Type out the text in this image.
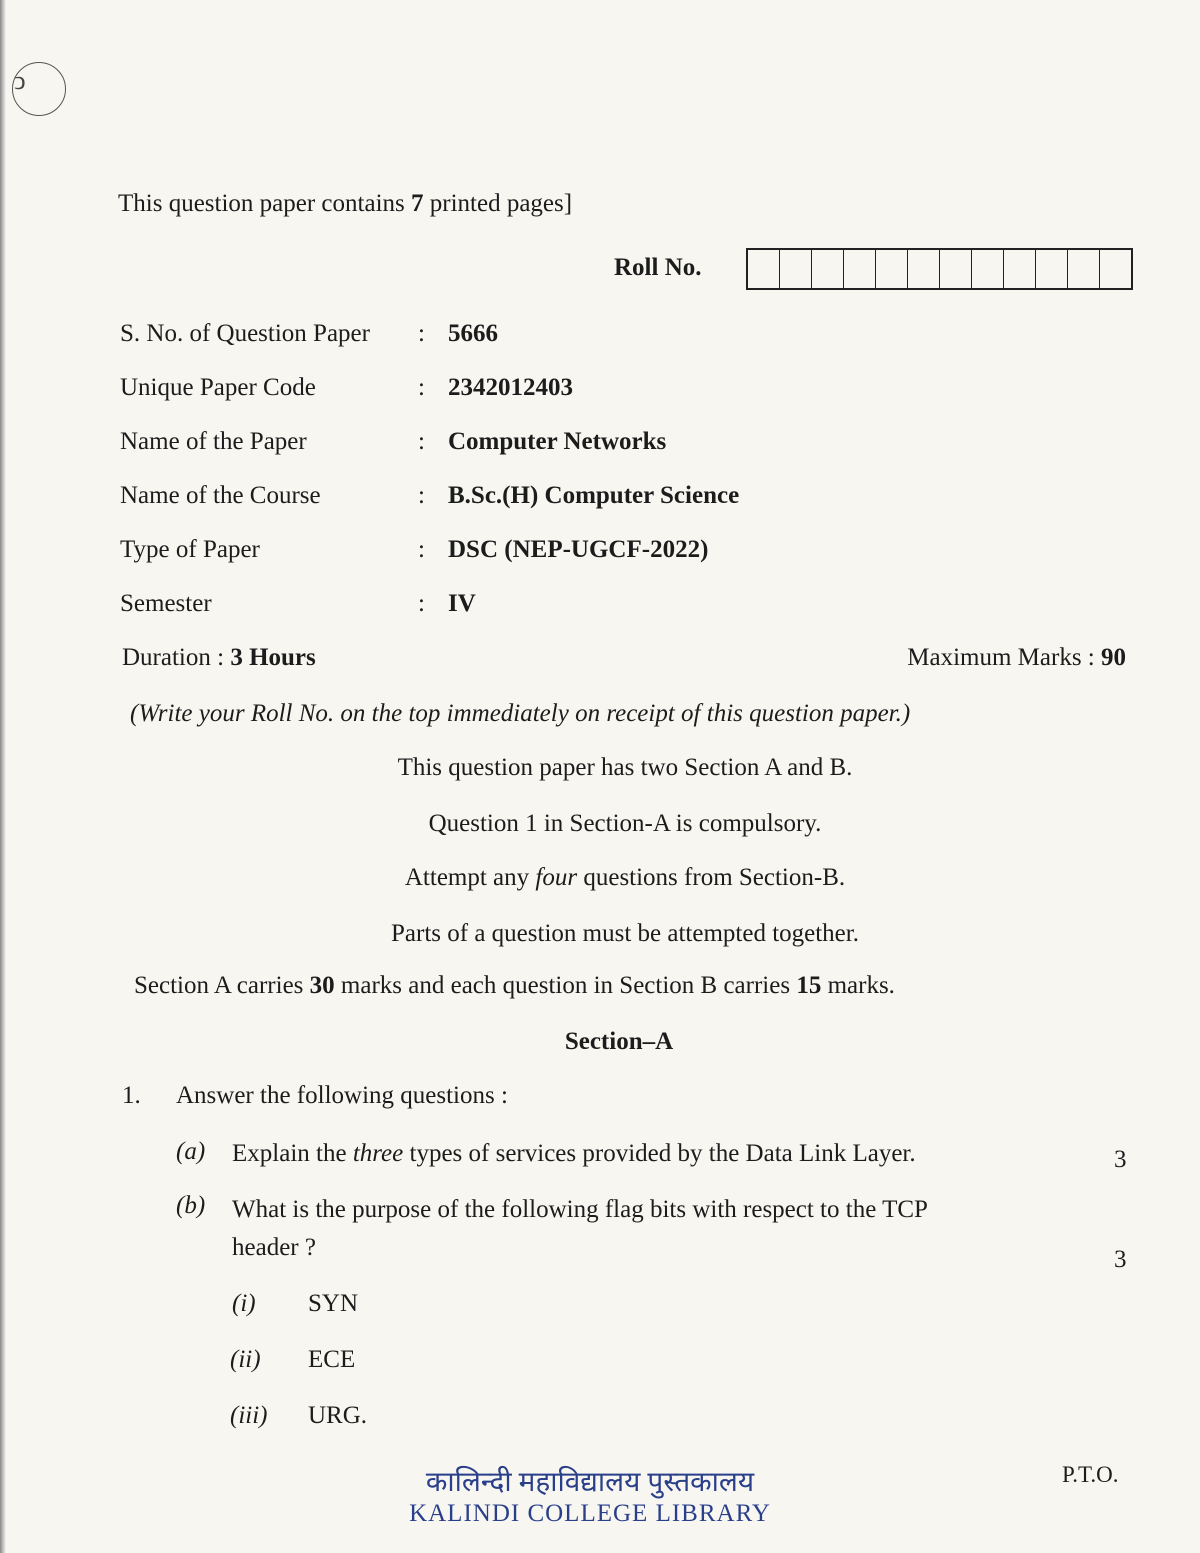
ↄ
This question paper contains 7 printed pages]
Roll No.
S. No. of Question Paper	: 5666
Unique Paper Code	: 2342012403
Name of the Paper	: Computer Networks
Name of the Course	: B.Sc.(H) Computer Science
Type of Paper	: DSC (NEP-UGCF-2022)
Semester	: IV
Duration : 3 Hours	Maximum Marks : 90
(Write your Roll No. on the top immediately on receipt of this question paper.)
This question paper has two Section A and B.
Question 1 in Section-A is compulsory.
Attempt any four questions from Section-B.
Parts of a question must be attempted together.
Section A carries 30 marks and each question in Section B carries 15 marks.
Section–A
1. Answer the following questions :
(a) Explain the three types of services provided by the Data Link Layer.	3
(b) What is the purpose of the following flag bits with respect to the TCP
header ?	3
(i) SYN
(ii) ECE
(iii) URG.
कालिन्दी महाविद्यालय पुस्तकालय
KALINDI COLLEGE LIBRARY
P.T.O.
